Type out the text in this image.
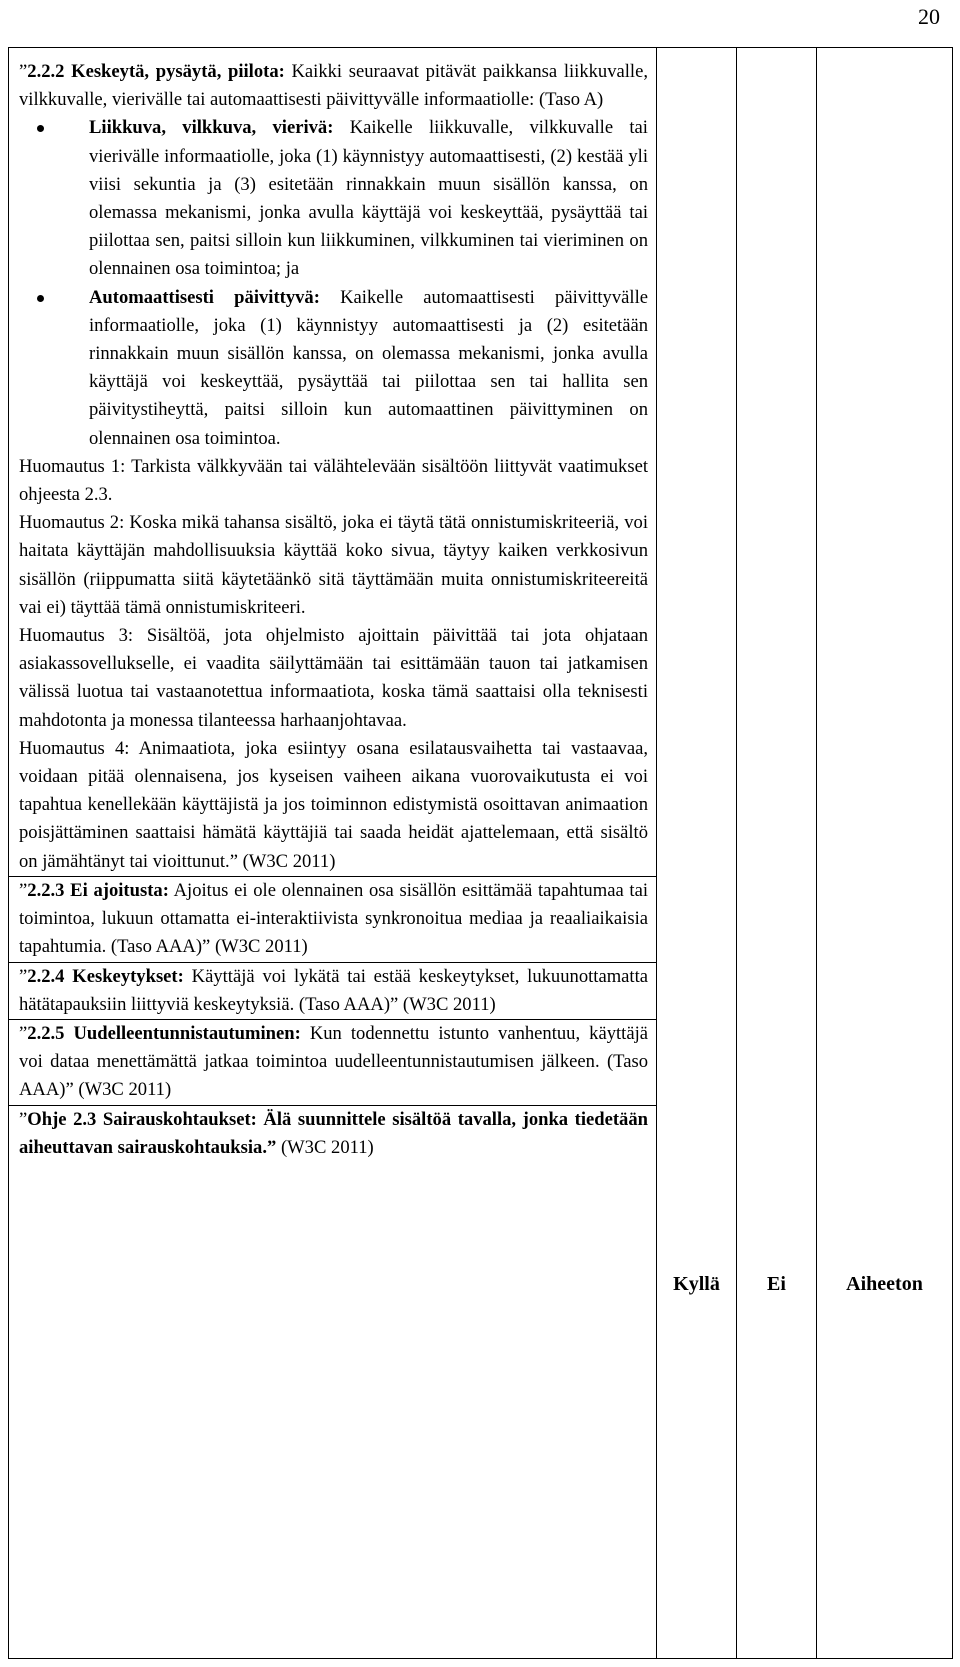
20
”2.2.2 Keskeytä, pysäytä, piilota: Kaikki seuraavat pitävät paikkansa liikkuvalle, vilkkuvalle, vierivälle tai automaattisesti päivittyvälle informaatiolle: (Taso A)
Liikkuva, vilkkuva, vierivä: Kaikelle liikkuvalle, vilkkuvalle tai vierivälle informaatiolle, joka (1) käynnistyy automaattisesti, (2) kestää yli viisi sekuntia ja (3) esitetään rinnakkain muun sisällön kanssa, on olemassa mekanismi, jonka avulla käyttäjä voi keskeyttää, pysäyttää tai piilottaa sen, paitsi silloin kun liikkuminen, vilkkuminen tai vieriminen on olennainen osa toimintoa; ja
Automaattisesti päivittyvä: Kaikelle automaattisesti päivittyvälle informaatiolle, joka (1) käynnistyy automaattisesti ja (2) esitetään rinnakkain muun sisällön kanssa, on olemassa mekanismi, jonka avulla käyttäjä voi keskeyttää, pysäyttää tai piilottaa sen tai hallita sen päivitystiheyttä, paitsi silloin kun automaattinen päivittyminen on olennainen osa toimintoa.
Huomautus 1: Tarkista välkkyvään tai välähtelevään sisältöön liittyvät vaatimukset ohjeesta 2.3.
Huomautus 2: Koska mikä tahansa sisältö, joka ei täytä tätä onnistumiskriteeriä, voi haitata käyttäjän mahdollisuuksia käyttää koko sivua, täytyy kaiken verkkosivun sisällön (riippumatta siitä käytetäänkö sitä täyttämään muita onnistumiskriteereitä vai ei) täyttää tämä onnistumiskriteeri.
Huomautus 3: Sisältöä, jota ohjelmisto ajoittain päivittää tai jota ohjataan asiakassovellukselle, ei vaadita säilyttämään tai esittämään tauon tai jatkamisen välissä luotua tai vastaanotettua informaatiota, koska tämä saattaisi olla teknisesti mahdotonta ja monessa tilanteessa harhaanjohtavaa.
Huomautus 4: Animaatiota, joka esiintyy osana esilatausvaihetta tai vastaavaa, voidaan pitää olennaisena, jos kyseisen vaiheen aikana vuorovaikutusta ei voi tapahtua kenellekään käyttäjistä ja jos toiminnon edistymistä osoittavan animaation poisjättäminen saattaisi hämätä käyttäjiä tai saada heidät ajattelemaan, että sisältö on jämähtänyt tai vioittunut.” (W3C 2011)
”2.2.3 Ei ajoitusta: Ajoitus ei ole olennainen osa sisällön esittämää tapahtumaa tai toimintoa, lukuun ottamatta ei-interaktiivista synkronoitua mediaa ja reaaliaikaisia tapahtumia. (Taso AAA)” (W3C 2011)
”2.2.4 Keskeytykset: Käyttäjä voi lykätä tai estää keskeytykset, lukuunottamatta hätätapauksiin liittyviä keskeytyksiä. (Taso AAA)” (W3C 2011)
”2.2.5 Uudelleentunnistautuminen: Kun todennettu istunto vanhentuu, käyttäjä voi dataa menettämättä jatkaa toimintoa uudelleentunnistautumisen jälkeen. (Taso AAA)” (W3C 2011)
”Ohje 2.3 Sairauskohtaukset: Älä suunnittele sisältöä tavalla, jonka tiedetään aiheuttavan sairauskohtauksia.” (W3C 2011)

Kyllä	Ei	Aiheeton
